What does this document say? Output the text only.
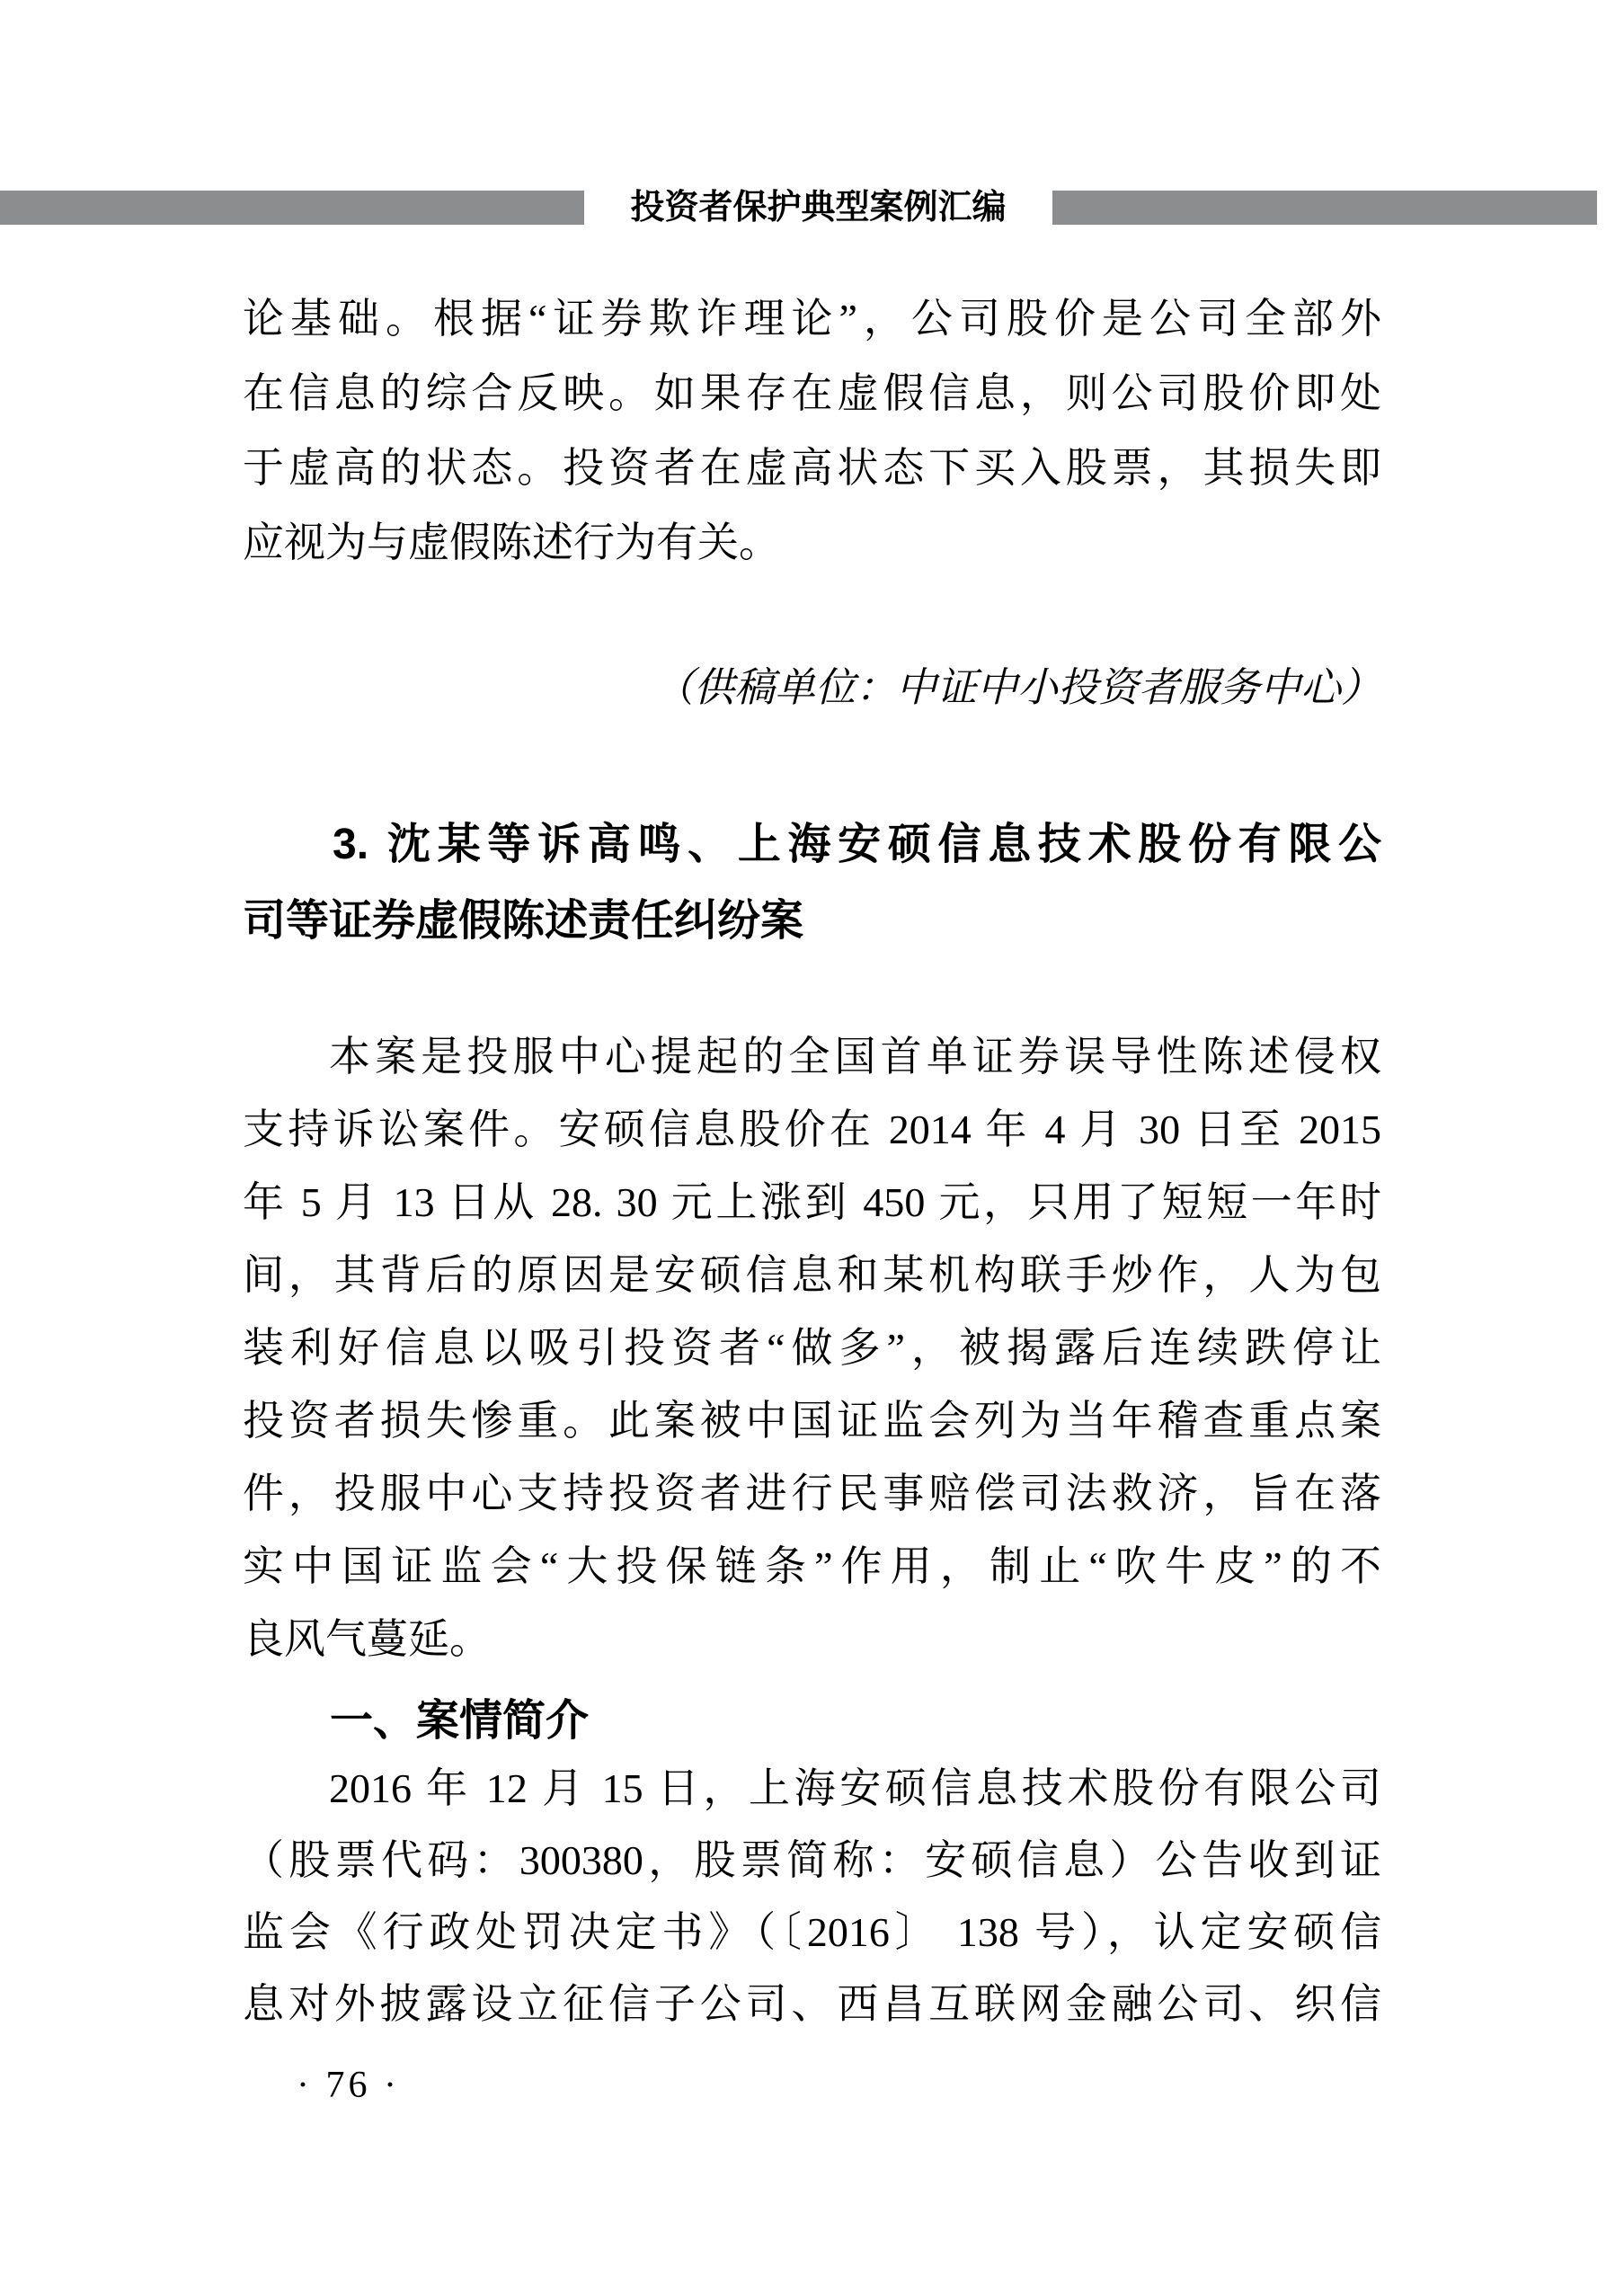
投资者保护典型案例汇编
论基础。根据“证券欺诈理论”，公司股价是公司全部外
在信息的综合反映。如果存在虚假信息，则公司股价即处
于虚高的状态。投资者在虚高状态下买入股票，其损失即
应视为与虚假陈述行为有关。
（供稿单位：中证中小投资者服务中心）
3. 沈某等诉高鸣、上海安硕信息技术股份有限公
司等证券虚假陈述责任纠纷案
本案是投服中心提起的全国首单证券误导性陈述侵权
支持诉讼案件。安硕信息股价在 2014 年 4 月 30 日至 2015
年 5 月 13 日从 28. 30 元上涨到 450 元，只用了短短一年时
间，其背后的原因是安硕信息和某机构联手炒作，人为包
装利好信息以吸引投资者“做多”，被揭露后连续跌停让
投资者损失惨重。此案被中国证监会列为当年稽查重点案
件，投服中心支持投资者进行民事赔偿司法救济，旨在落
实中国证监会“大投保链条”作用，制止“吹牛皮”的不
良风气蔓延。
一、案情简介
2016 年 12 月 15 日，上海安硕信息技术股份有限公司
（股票代码：300380，股票简称：安硕信息）公告收到证
监会《行政处罚决定书》（〔2016〕 138 号），认定安硕信
息对外披露设立征信子公司、西昌互联网金融公司、织信
· 76 ·
